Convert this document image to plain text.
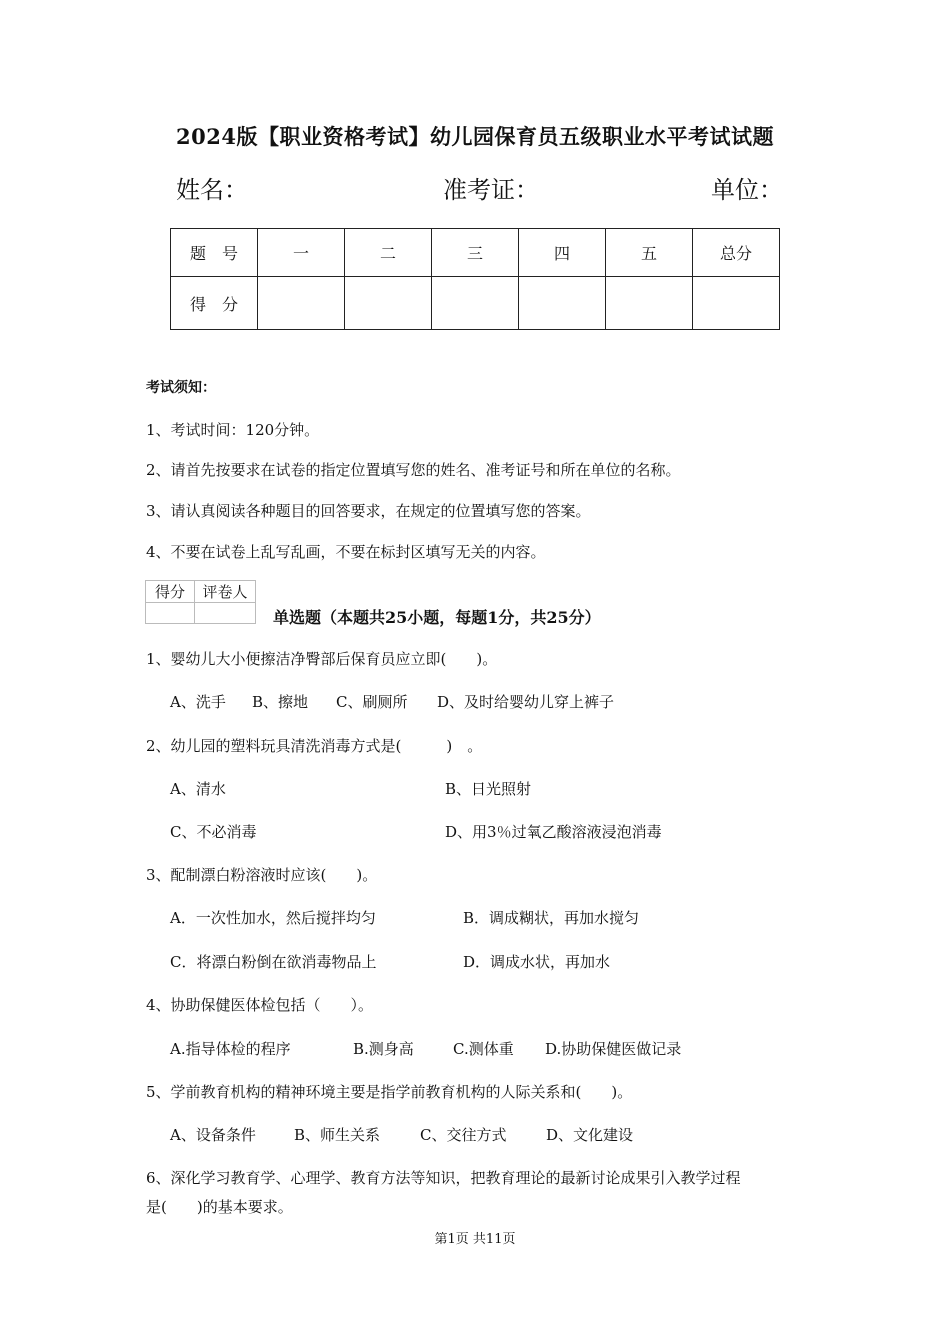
2024版【职业资格考试】幼儿园保育员五级职业水平考试试题
姓名：	准考证：	单位：
题　号	一	二	三	四	五	总分
得　分						
考试须知：
1、考试时间：120分钟。
2、请首先按要求在试卷的指定位置填写您的姓名、准考证号和所在单位的名称。
3、请认真阅读各种题目的回答要求，在规定的位置填写您的答案。
4、不要在试卷上乱写乱画，不要在标封区填写无关的内容。
得分	评卷人

单选题（本题共25小题，每题1分，共25分）
1、婴幼儿大小便擦洁净臀部后保育员应立即(　　)。
A、洗手 B、擦地 C、刷厕所 D、及时给婴幼儿穿上裤子
2、幼儿园的塑料玩具清洗消毒方式是(　　　)　。
A、清水	B、日光照射
C、不必消毒	D、用3％过氧乙酸溶液浸泡消毒
3、配制漂白粉溶液时应该(　　)。
A．一次性加水，然后搅拌均匀	B．调成糊状，再加水搅匀
C．将漂白粉倒在欲消毒物品上	D．调成水状，再加水
4、协助保健医体检包括（　　）。
A.指导体检的程序	B.测身高	C.测体重 D.协助保健医做记录
5、学前教育机构的精神环境主要是指学前教育机构的人际关系和(　　)。
A、设备条件	B、师生关系	C、交往方式	D、文化建设
6、深化学习教育学、心理学、教育方法等知识，把教育理论的最新讨论成果引入教学过程
是(　　)的基本要求。
第1页 共11页
